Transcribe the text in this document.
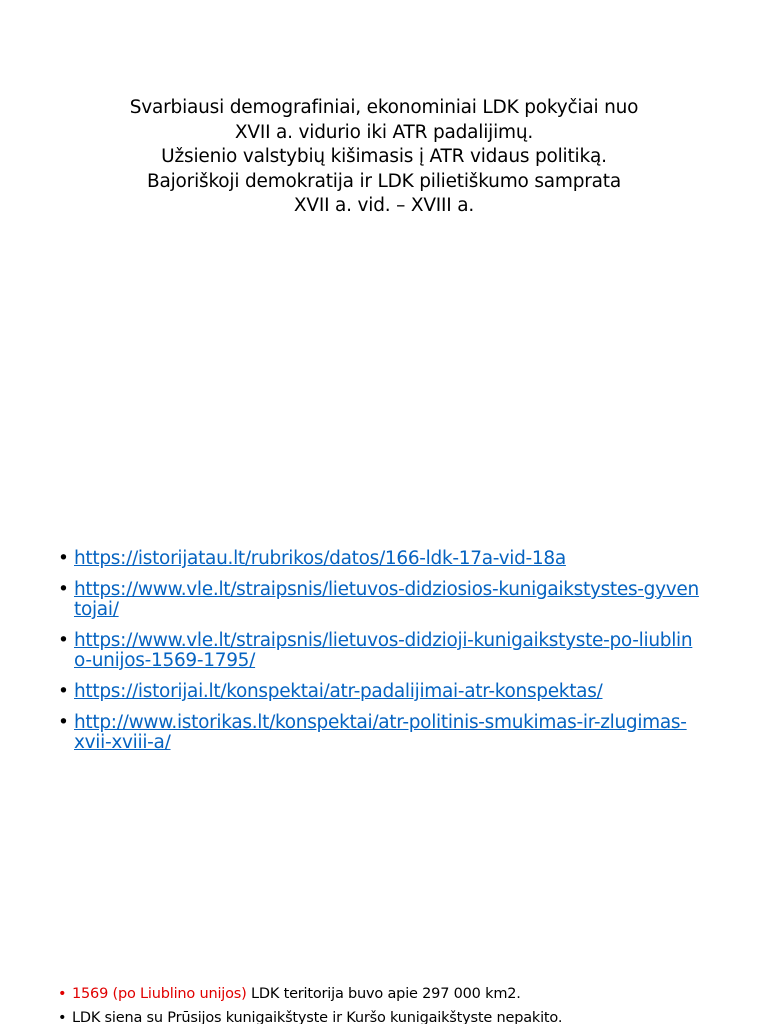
Svarbiausi demografiniai, ekonominiai LDK pokyčiai nuo
XVII a. vidurio iki ATR padalijimų.
Užsienio valstybių kišimasis į ATR vidaus politiką.
Bajoriškoji demokratija ir LDK pilietiškumo samprata
XVII a. vid. – XVIII a.
• https://istorijatau.lt/rubrikos/datos/166-ldk-17a-vid-18a
• https://www.vle.lt/straipsnis/lietuvos-didziosios-kunigaikstystes-gyven
tojai/
• https://www.vle.lt/straipsnis/lietuvos-didzioji-kunigaikstyste-po-liublin
o-unijos-1569-1795/
• https://istorijai.lt/konspektai/atr-padalijimai-atr-konspektas/
• http://www.istorikas.lt/konspektai/atr-politinis-smukimas-ir-zlugimas-
xvii-xviii-a/
• 1569 (po Liublino unijos) LDK teritorija buvo apie 297 000 km2.
• LDK siena su Prūsijos kunigaikštyste ir Kuršo kunigaikštyste nepakito.
